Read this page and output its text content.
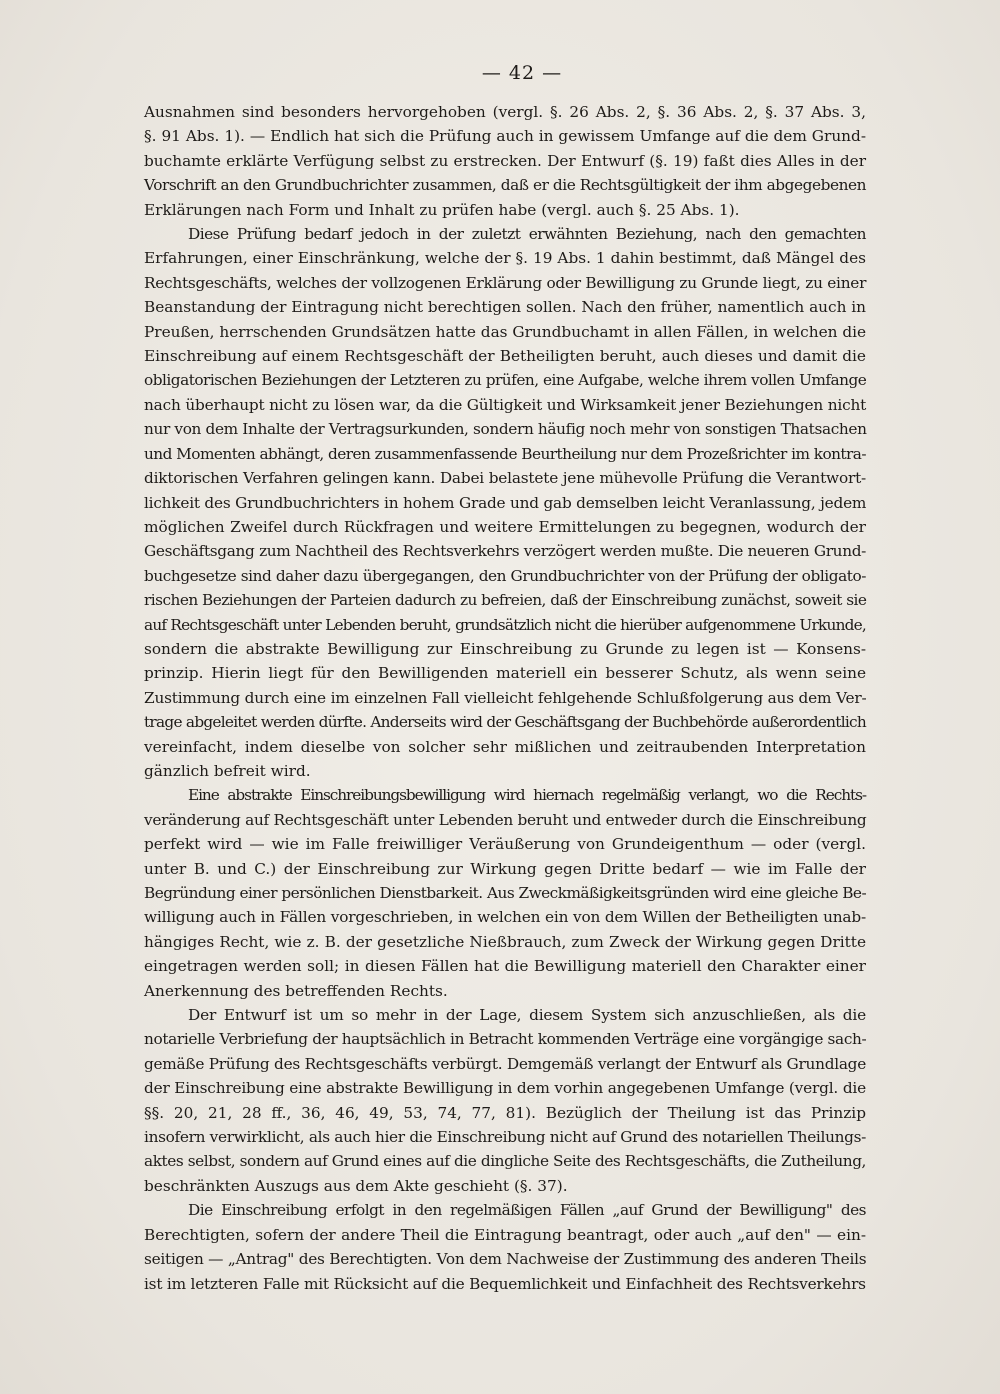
— 42 —

Ausnahmen sind besonders hervorgehoben (vergl. §. 26 Abs. 2, §. 36 Abs. 2, §. 37 Abs. 3,
§. 91 Abs. 1). — Endlich hat sich die Prüfung auch in gewissem Umfange auf die dem Grund-
buchamte erklärte Verfügung selbst zu erstrecken. Der Entwurf (§. 19) faßt dies Alles in der
Vorschrift an den Grundbuchrichter zusammen, daß er die Rechtsgültigkeit der ihm abgegebenen
Erklärungen nach Form und Inhalt zu prüfen habe (vergl. auch §. 25 Abs. 1).

Diese Prüfung bedarf jedoch in der zuletzt erwähnten Beziehung, nach den gemachten
Erfahrungen, einer Einschränkung, welche der §. 19 Abs. 1 dahin bestimmt, daß Mängel des
Rechtsgeschäfts, welches der vollzogenen Erklärung oder Bewilligung zu Grunde liegt, zu einer
Beanstandung der Eintragung nicht berechtigen sollen. Nach den früher, namentlich auch in
Preußen, herrschenden Grundsätzen hatte das Grundbuchamt in allen Fällen, in welchen die
Einschreibung auf einem Rechtsgeschäft der Betheiligten beruht, auch dieses und damit die
obligatorischen Beziehungen der Letzteren zu prüfen, eine Aufgabe, welche ihrem vollen Umfange
nach überhaupt nicht zu lösen war, da die Gültigkeit und Wirksamkeit jener Beziehungen nicht
nur von dem Inhalte der Vertragsurkunden, sondern häufig noch mehr von sonstigen Thatsachen
und Momenten abhängt, deren zusammenfassende Beurtheilung nur dem Prozeßrichter im kontra-
diktorischen Verfahren gelingen kann. Dabei belastete jene mühevolle Prüfung die Verantwort-
lichkeit des Grundbuchrichters in hohem Grade und gab demselben leicht Veranlassung, jedem
möglichen Zweifel durch Rückfragen und weitere Ermittelungen zu begegnen, wodurch der
Geschäftsgang zum Nachtheil des Rechtsverkehrs verzögert werden mußte. Die neueren Grund-
buchgesetze sind daher dazu übergegangen, den Grundbuchrichter von der Prüfung der obligato-
rischen Beziehungen der Parteien dadurch zu befreien, daß der Einschreibung zunächst, soweit sie
auf Rechtsgeschäft unter Lebenden beruht, grundsätzlich nicht die hierüber aufgenommene Urkunde,
sondern die abstrakte Bewilligung zur Einschreibung zu Grunde zu legen ist — Konsens-
prinzip. Hierin liegt für den Bewilligenden materiell ein besserer Schutz, als wenn seine
Zustimmung durch eine im einzelnen Fall vielleicht fehlgehende Schlußfolgerung aus dem Ver-
trage abgeleitet werden dürfte. Anderseits wird der Geschäftsgang der Buchbehörde außerordentlich
vereinfacht, indem dieselbe von solcher sehr mißlichen und zeitraubenden Interpretation
gänzlich befreit wird.

Eine abstrakte Einschreibungsbewilligung wird hiernach regelmäßig verlangt, wo die Rechts-
veränderung auf Rechtsgeschäft unter Lebenden beruht und entweder durch die Einschreibung
perfekt wird — wie im Falle freiwilliger Veräußerung von Grundeigenthum — oder (vergl.
unter B. und C.) der Einschreibung zur Wirkung gegen Dritte bedarf — wie im Falle der
Begründung einer persönlichen Dienstbarkeit. Aus Zweckmäßigkeitsgründen wird eine gleiche Be-
willigung auch in Fällen vorgeschrieben, in welchen ein von dem Willen der Betheiligten unab-
hängiges Recht, wie z. B. der gesetzliche Nießbrauch, zum Zweck der Wirkung gegen Dritte
eingetragen werden soll; in diesen Fällen hat die Bewilligung materiell den Charakter einer
Anerkennung des betreffenden Rechts.

Der Entwurf ist um so mehr in der Lage, diesem System sich anzuschließen, als die
notarielle Verbriefung der hauptsächlich in Betracht kommenden Verträge eine vorgängige sach-
gemäße Prüfung des Rechtsgeschäfts verbürgt. Demgemäß verlangt der Entwurf als Grundlage
der Einschreibung eine abstrakte Bewilligung in dem vorhin angegebenen Umfange (vergl. die
§§. 20, 21, 28 ff., 36, 46, 49, 53, 74, 77, 81). Bezüglich der Theilung ist das Prinzip
insofern verwirklicht, als auch hier die Einschreibung nicht auf Grund des notariellen Theilungs-
aktes selbst, sondern auf Grund eines auf die dingliche Seite des Rechtsgeschäfts, die Zutheilung,
beschränkten Auszugs aus dem Akte geschieht (§. 37).

Die Einschreibung erfolgt in den regelmäßigen Fällen „auf Grund der Bewilligung" des
Berechtigten, sofern der andere Theil die Eintragung beantragt, oder auch „auf den" — ein-
seitigen — „Antrag" des Berechtigten. Von dem Nachweise der Zustimmung des anderen Theils
ist im letzteren Falle mit Rücksicht auf die Bequemlichkeit und Einfachheit des Rechtsverkehrs
